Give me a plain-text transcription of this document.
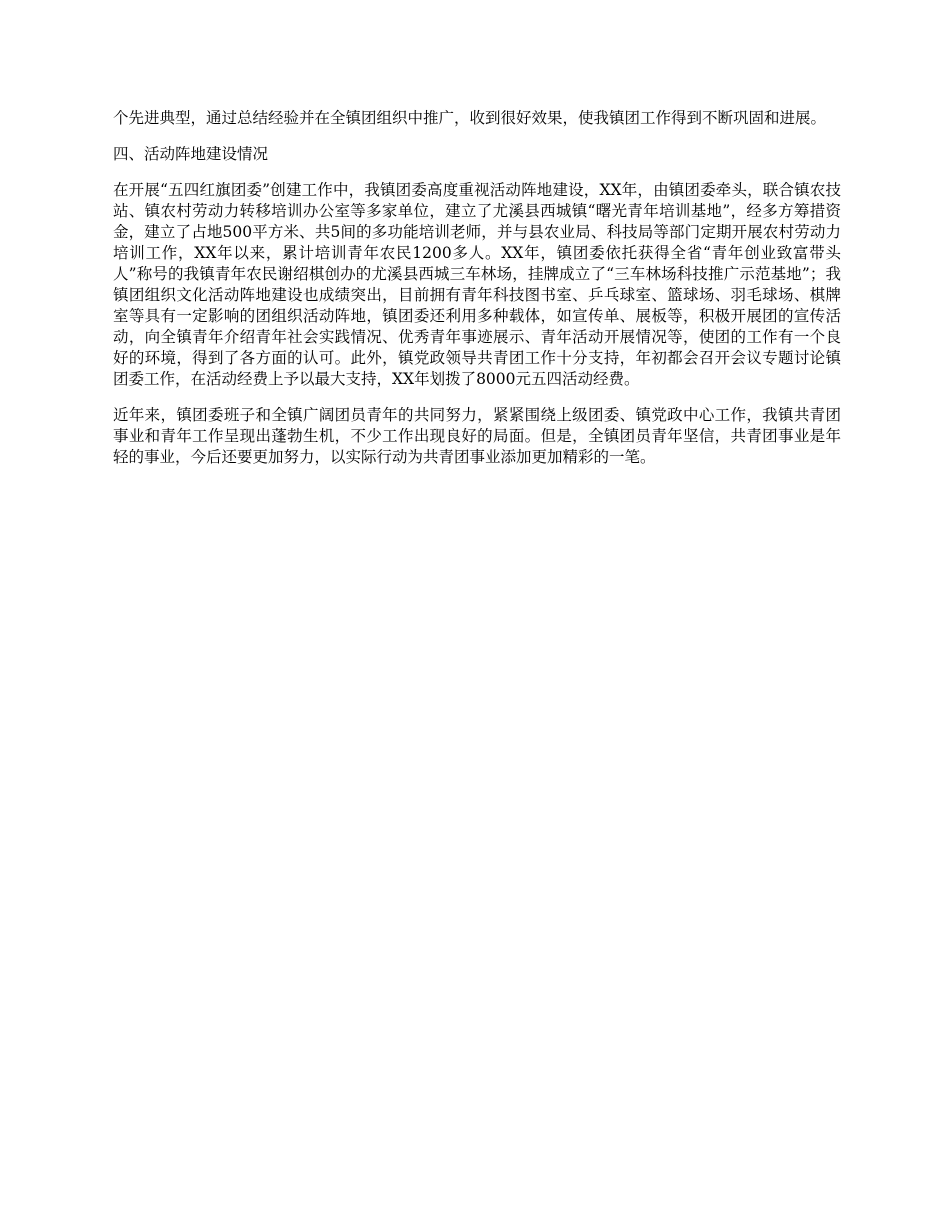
个先进典型，通过总结经验并在全镇团组织中推广，收到很好效果，使我镇团工作得到不断巩固和进展。

四、活动阵地建设情况

在开展“五四红旗团委”创建工作中，我镇团委高度重视活动阵地建设，XX年，由镇团委牵头，联合镇农技站、镇农村劳动力转移培训办公室等多家单位，建立了尤溪县西城镇“曙光青年培训基地”，经多方筹措资金，建立了占地500平方米、共5间的多功能培训老师，并与县农业局、科技局等部门定期开展农村劳动力培训工作，XX年以来，累计培训青年农民1200多人。XX年，镇团委依托获得全省“青年创业致富带头人”称号的我镇青年农民谢绍棋创办的尤溪县西城三车林场，挂牌成立了“三车林场科技推广示范基地”；我镇团组织文化活动阵地建设也成绩突出，目前拥有青年科技图书室、乒乓球室、篮球场、羽毛球场、棋牌室等具有一定影响的团组织活动阵地，镇团委还利用多种载体，如宣传单、展板等，积极开展团的宣传活动，向全镇青年介绍青年社会实践情况、优秀青年事迹展示、青年活动开展情况等，使团的工作有一个良好的环境，得到了各方面的认可。此外，镇党政领导共青团工作十分支持，年初都会召开会议专题讨论镇团委工作，在活动经费上予以最大支持，XX年划拨了8000元五四活动经费。

近年来，镇团委班子和全镇广阔团员青年的共同努力，紧紧围绕上级团委、镇党政中心工作，我镇共青团事业和青年工作呈现出蓬勃生机，不少工作出现良好的局面。但是，全镇团员青年坚信，共青团事业是年轻的事业，今后还要更加努力，以实际行动为共青团事业添加更加精彩的一笔。
